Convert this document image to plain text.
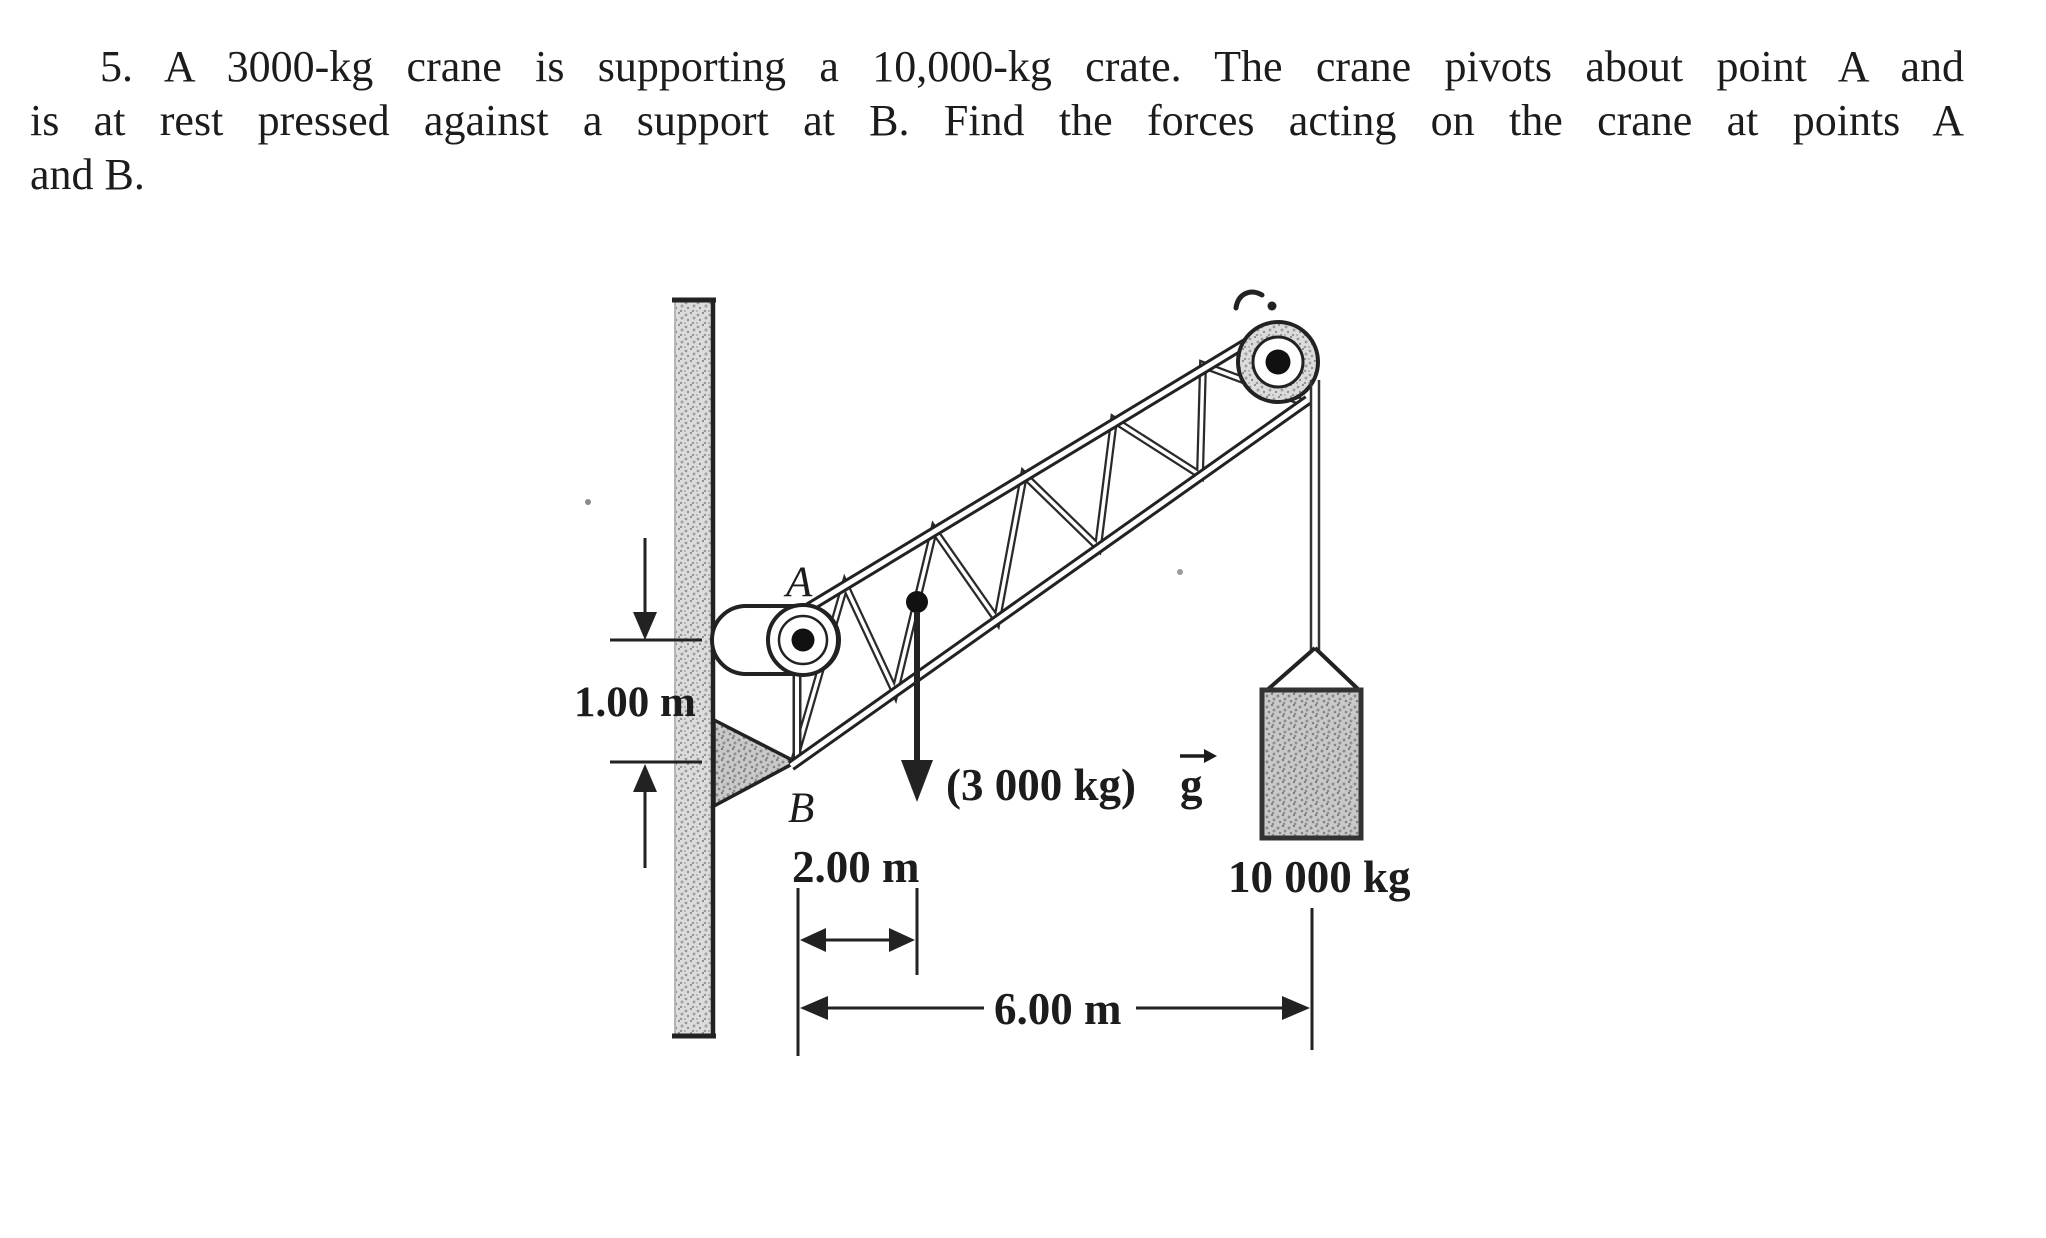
5. A 3000-kg crane is supporting a 10,000-kg crate. The crane pivots about point A and
is at rest pressed against a support at B. Find the forces acting on the crane at points A
and B.
A
B
1.00 m
2.00 m
6.00 m
10 000 kg
(3 000 kg) g
